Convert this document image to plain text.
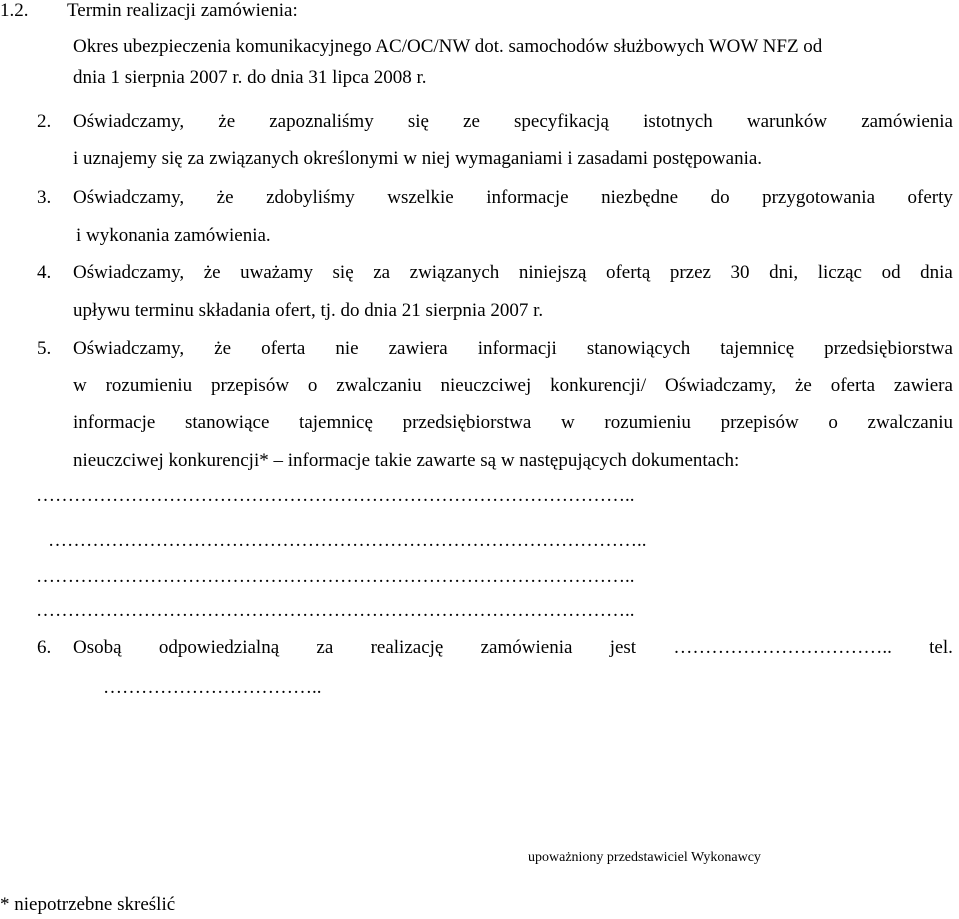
1.2. Termin realizacji zamówienia:
Okres ubezpieczenia komunikacyjnego AC/OC/NW dot. samochodów służbowych WOW NFZ od
dnia 1 sierpnia 2007 r. do dnia 31 lipca 2008 r.
2. Oświadczamy, że zapoznaliśmy się ze specyfikacją istotnych warunków zamówienia
i uznajemy się za związanych określonymi w niej wymaganiami i zasadami postępowania.
3. Oświadczamy, że zdobyliśmy wszelkie informacje niezbędne do przygotowania oferty
i wykonania zamówienia.
4. Oświadczamy, że uważamy się za związanych niniejszą ofertą przez 30 dni, licząc od dnia
upływu terminu składania ofert, tj. do dnia 21 sierpnia 2007 r.
5. Oświadczamy, że oferta nie zawiera informacji stanowiących tajemnicę przedsiębiorstwa
w rozumieniu przepisów o zwalczaniu nieuczciwej konkurencji/ Oświadczamy, że oferta zawiera
informacje stanowiące tajemnicę przedsiębiorstwa w rozumieniu przepisów o zwalczaniu
nieuczciwej konkurencji* – informacje takie zawarte są w następujących dokumentach:
…………………………………………………………………………………..
…………………………………………………………………………………..
…………………………………………………………………………………..
…………………………………………………………………………………..
6. Osobą odpowiedzialną za realizację zamówienia jest …………………………….. tel.
……………………………..
upoważniony przedstawiciel Wykonawcy
* niepotrzebne skreślić
